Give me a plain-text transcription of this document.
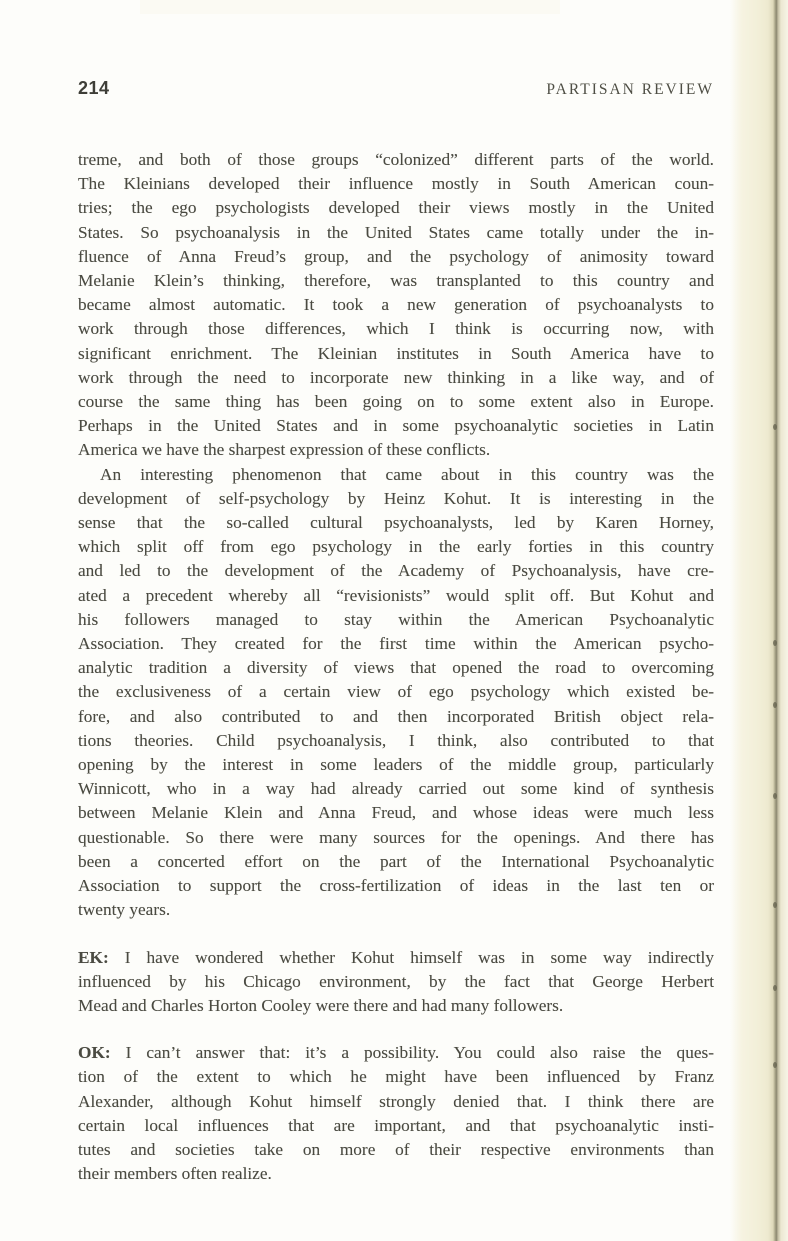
214	PARTISAN REVIEW
treme, and both of those groups “colonized” different parts of the world.
The Kleinians developed their influence mostly in South American coun-
tries; the ego psychologists developed their views mostly in the United
States. So psychoanalysis in the United States came totally under the in-
fluence of Anna Freud’s group, and the psychology of animosity toward
Melanie Klein’s thinking, therefore, was transplanted to this country and
became almost automatic. It took a new generation of psychoanalysts to
work through those differences, which I think is occurring now, with
significant enrichment. The Kleinian institutes in South America have to
work through the need to incorporate new thinking in a like way, and of
course the same thing has been going on to some extent also in Europe.
Perhaps in the United States and in some psychoanalytic societies in Latin
America we have the sharpest expression of these conflicts.
An interesting phenomenon that came about in this country was the
development of self-psychology by Heinz Kohut. It is interesting in the
sense that the so-called cultural psychoanalysts, led by Karen Horney,
which split off from ego psychology in the early forties in this country
and led to the development of the Academy of Psychoanalysis, have cre-
ated a precedent whereby all “revisionists” would split off. But Kohut and
his followers managed to stay within the American Psychoanalytic
Association. They created for the first time within the American psycho-
analytic tradition a diversity of views that opened the road to overcoming
the exclusiveness of a certain view of ego psychology which existed be-
fore, and also contributed to and then incorporated British object rela-
tions theories. Child psychoanalysis, I think, also contributed to that
opening by the interest in some leaders of the middle group, particularly
Winnicott, who in a way had already carried out some kind of synthesis
between Melanie Klein and Anna Freud, and whose ideas were much less
questionable. So there were many sources for the openings. And there has
been a concerted effort on the part of the International Psychoanalytic
Association to support the cross-fertilization of ideas in the last ten or
twenty years.
EK: I have wondered whether Kohut himself was in some way indirectly
influenced by his Chicago environment, by the fact that George Herbert
Mead and Charles Horton Cooley were there and had many followers.
OK: I can’t answer that: it’s a possibility. You could also raise the ques-
tion of the extent to which he might have been influenced by Franz
Alexander, although Kohut himself strongly denied that. I think there are
certain local influences that are important, and that psychoanalytic insti-
tutes and societies take on more of their respective environments than
their members often realize.
